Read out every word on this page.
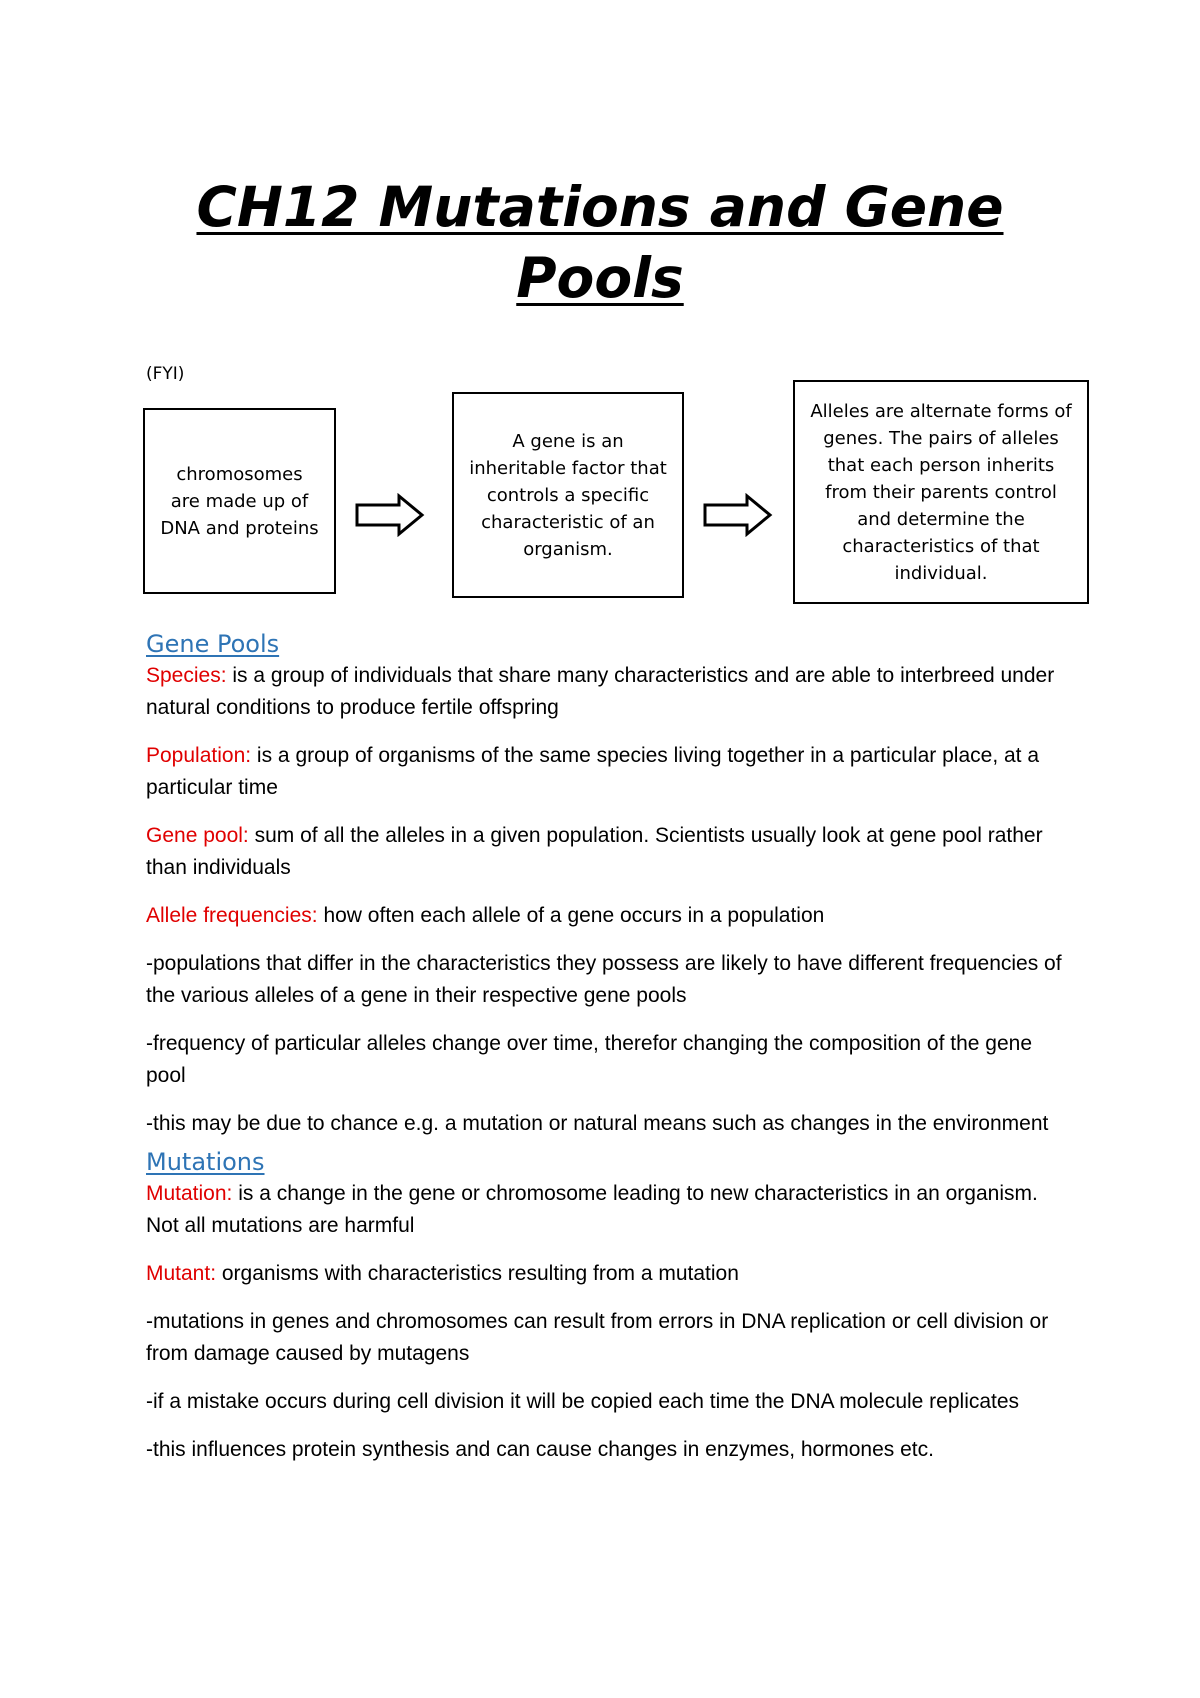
CH12 Mutations and Gene Pools
(FYI)
chromosomes are made up of DNA and proteins
A gene is an inheritable factor that controls a specific characteristic of an organism.
Alleles are alternate forms of genes. The pairs of alleles that each person inherits from their parents control and determine the characteristics of that individual.

Gene Pools

Species: is a group of individuals that share many characteristics and are able to interbreed under natural conditions to produce fertile offspring

Population: is a group of organisms of the same species living together in a particular place, at a particular time

Gene pool: sum of all the alleles in a given population. Scientists usually look at gene pool rather than individuals

Allele frequencies: how often each allele of a gene occurs in a population

-populations that differ in the characteristics they possess are likely to have different frequencies of the various alleles of a gene in their respective gene pools

-frequency of particular alleles change over time, therefor changing the composition of the gene pool

-this may be due to chance e.g. a mutation or natural means such as changes in the environment

Mutations

Mutation: is a change in the gene or chromosome leading to new characteristics in an organism. Not all mutations are harmful

Mutant: organisms with characteristics resulting from a mutation

-mutations in genes and chromosomes can result from errors in DNA replication or cell division or from damage caused by mutagens

-if a mistake occurs during cell division it will be copied each time the DNA molecule replicates

-this influences protein synthesis and can cause changes in enzymes, hormones etc.
